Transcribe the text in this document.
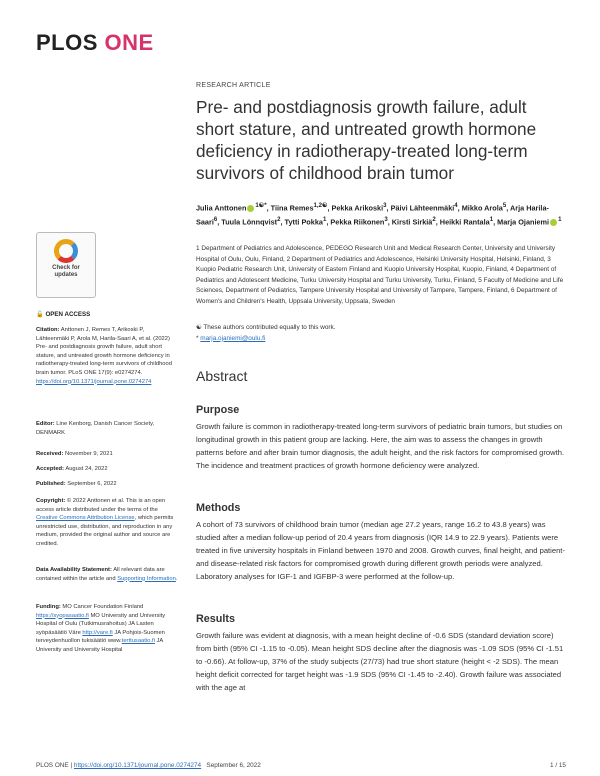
PLOS ONE
RESEARCH ARTICLE
Pre- and postdiagnosis growth failure, adult short stature, and untreated growth hormone deficiency in radiotherapy-treated long-term survivors of childhood brain tumor
Julia Anttonen $^{1☯*}$, Tiina Remes$^{1,2☯}$, Pekka Arikoski$^3$, Päivi Lähteenmäki$^4$, Mikko Arola$^5$, Arja Harila-Saari$^6$, Tuula Lönnqvist$^2$, Tytti Pokka$^1$, Pekka Riikonen$^3$, Kirsti Sirkiä$^2$, Heikki Rantala$^1$, Marja Ojaniemi $^1$
1 Department of Pediatrics and Adolescence, PEDEGO Research Unit and Medical Research Center, University and University Hospital of Oulu, Oulu, Finland, 2 Department of Pediatrics and Adolescence, Helsinki University Hospital, Helsinki, Finland, 3 Kuopio Pediatric Research Unit, University of Eastern Finland and Kuopio University Hospital, Kuopio, Finland, 4 Department of Pediatrics and Adolescent Medicine, Turku University Hospital and Turku University, Turku, Finland, 5 Faculty of Medicine and Life Sciences, Department of Pediatrics, Tampere University Hospital and University of Tampere, Tampere, Finland, 6 Department of Women's and Children's Health, Uppsala University, Uppsala, Sweden
☯ These authors contributed equally to this work.
* marja.ojaniemi@oulu.fi
Abstract
Purpose
Growth failure is common in radiotherapy-treated long-term survivors of pediatric brain tumors, but studies on longitudinal growth in this patient group are lacking. Here, the aim was to assess the changes in growth patterns before and after brain tumor diagnosis, the adult height, and the risk factors for compromised growth. The incidence and treatment practices of growth hormone deficiency were analyzed.
Methods
A cohort of 73 survivors of childhood brain tumor (median age 27.2 years, range 16.2 to 43.8 years) was studied after a median follow-up period of 20.4 years from diagnosis (IQR 14.9 to 22.9 years). Patients were treated in five university hospitals in Finland between 1970 and 2008. Growth curves, final height, and patient- and disease-related risk factors for compromised growth during different growth periods were analyzed. Laboratory analyses for IGF-1 and IGFBP-3 were performed at the follow-up.
Results
Growth failure was evident at diagnosis, with a mean height decline of -0.6 SDS (standard deviation score) from birth (95% CI -1.15 to -0.05). Mean height SDS decline after the diagnosis was -1.09 SDS (95% CI -1.51 to -0.66). At follow-up, 37% of the study subjects (27/73) had true short stature (height < -2 SDS). The mean height deficit corrected for target height was -1.9 SDS (95% CI -1.45 to -2.40). Growth failure was associated with the age at
Check for
updates
🔓 OPEN ACCESS
Citation: Anttonen J, Remes T, Arikoski P, Lähteenmäki P, Arola M, Harila-Saari A, et al. (2022) Pre- and postdiagnosis growth failure, adult short stature, and untreated growth hormone deficiency in radiotherapy-treated long-term survivors of childhood brain tumor. PLoS ONE 17(9): e0274274. https://doi.org/10.1371/journal.pone.0274274
Editor: Line Kenborg, Danish Cancer Society, DENMARK
Received: November 9, 2021
Accepted: August 24, 2022
Published: September 6, 2022
Copyright: © 2022 Anttonen et al. This is an open access article distributed under the terms of the Creative Commons Attribution License, which permits unrestricted use, distribution, and reproduction in any medium, provided the original author and source are credited.
Data Availability Statement: All relevant data are contained within the article and Supporting Information.
Funding: MO Cancer Foundation Finland https://syopasaatio.fi MO University and University Hospital of Oulu (Tutkimusrahoitus) JA Lasten syöpäsäätiö Väre http://vare.fi JA Pohjois-Suomen terveydenhuollon tukisäätiö www.terttusaatio.fi JA University and University Hospital
PLOS ONE | https://doi.org/10.1371/journal.pone.0274274   September 6, 2022	1 / 15
